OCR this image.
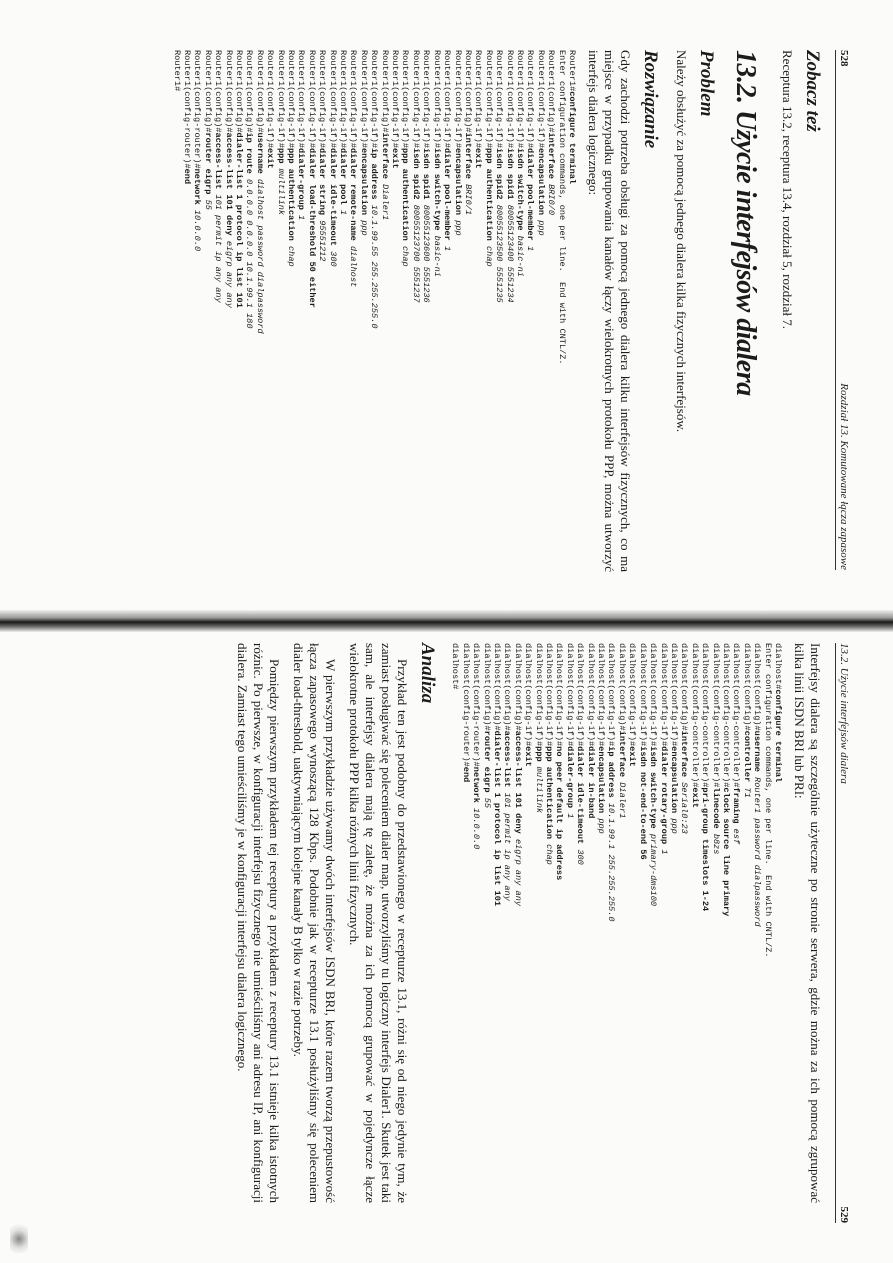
528
Rozdział 13. Komutowane łącza zapasowe
Zobacz też

Receptura 13.2, receptura 13.4, rozdział 5, rozdział 7.

13.2. Użycie interfejsów dialera
Problem

Należy obsłużyć za pomocą jednego dialera kilka fizycznych interfejsów.

Rozwiązanie

Gdy zachodzi potrzeba obsługi za pomocą jednego dialera kilku interfejsów fizycznych, co ma miejsce w przypadku grupowania kanałów łączy wielokrotnych protokołu PPP, można utworzyć interfejs dialera logicznego:

Router1#configure terminal
Enter configuration commands, one per line.  End with CNTL/Z.
Router1(config)#interface BRI0/0
Router1(config-if)#encapsulation ppp
Router1(config-if)#dialer pool-member 1
Router1(config-if)#isdn switch-type basic-ni
Router1(config-if)#isdn spid1 80055123400 5551234
Router1(config-if)#isdn spid2 80055123500 5551235
Router1(config-if)#ppp authentication chap
Router1(config-if)#exit
Router1(config)#interface BRI0/1
Router1(config-if)#encapsulation ppp
Router1(config-if)#dialer pool-member 1
Router1(config-if)#isdn switch-type basic-ni
Router1(config-if)#isdn spid1 80055123600 5551236
Router1(config-if)#isdn spid2 80055123700 5551237
Router1(config-if)#ppp authentication chap
Router1(config-if)#exit
Router1(config)#interface Dialer1
Router1(config-if)#ip address 10.1.99.55 255.255.255.0
Router1(config-if)#encapsulation ppp
Router1(config-if)#dialer remote-name dialhost
Router1(config-if)#dialer pool 1
Router1(config-if)#dialer idle-timeout 300
Router1(config-if)#dialer string 95551212
Router1(config-if)#dialer load-threshold 50 either
Router1(config-if)#dialer-group 1
Router1(config-if)#ppp authentication chap
Router1(config-if)#ppp multilink
Router1(config-if)#exit
Router1(config)#username dialhost password dialpassword
Router1(config)#ip route 0.0.0.0 0.0.0.0 10.1.99.1 180
Router1(config)#dialer-list 1 protocol ip list 101
Router1(config)#access-list 101 deny eigrp any any
Router1(config)#access-list 101 permit ip any any
Router1(config)#router eigrp 55
Router1(config-router)#network 10.0.0.0
Router1(config-router)#end
Router1#
13.2. Użycie interfejsów dialera
529

Interfejsy dialera są szczególnie użyteczne po stronie serwera, gdzie można za ich pomocą zgrupować kilka linii ISDN BRI lub PRI:

dialhost#configure terminal
Enter configuration commands, one per line.  End with CNTL/Z.
dialhost(config)#username Router1 password dialpassword
dialhost(config)#controller T1
dialhost(config-controller)#framing esf
dialhost(config-controller)#clock source line primary
dialhost(config-controller)#linecode b8zs
dialhost(config-controller)#pri-group timeslots 1-24
dialhost(config-controller)#exit
dialhost(config)#interface Serial0:23
dialhost(config-if)#encapsulation ppp
dialhost(config-if)#dialer rotary-group 1
dialhost(config-if)#isdn switch-type primary-dms100
dialhost(config-if)#isdn not-end-to-end 56
dialhost(config-if)#exit
dialhost(config)#interface Dialer1
dialhost(config-if)#ip address 10.1.99.1 255.255.255.0
dialhost(config-if)#encapsulation ppp
dialhost(config-if)#dialer in-band
dialhost(config-if)#dialer idle-timeout 300
dialhost(config-if)#dialer-group 1
dialhost(config-if)#no peer default ip address
dialhost(config-if)#ppp authentication chap
dialhost(config-if)#ppp multilink
dialhost(config-if)#exit
dialhost(config)#access-list 101 deny eigrp any any
dialhost(config)#access-list 101 permit ip any any
dialhost(config)#dialer-list 1 protocol ip list 101
dialhost(config)#router eigrp 55
dialhost(config-router)#network 10.0.0.0
dialhost(config-router)#end
dialhost#
Analiza

Przykład ten jest podobny do przedstawionego w recepturze 13.1, różni się od niego jedynie tym, że zamiast posługiwać się poleceniem dialer map, utworzyliśmy tu logiczny interfejs Dialer1. Skutek jest taki sam, ale interfejsy dialera mają tę zaletę, że można za ich pomocą grupować w pojedyncze łącze wielokrotne protokołu PPP kilka różnych linii fizycznych.

W pierwszym przykładzie używamy dwóch interfejsów ISDN BRI, które razem tworzą przepustowość łącza zapasowego wynoszącą 128 Kbps. Podobnie jak w recepturze 13.1 posłużyliśmy się poleceniem dialer load-threshold, uaktywniającym kolejne kanały B tylko w razie potrzeby.

Pomiędzy pierwszym przykładem tej receptury a przykładem z receptury 13.1 istnieje kilka istotnych różnic. Po pierwsze, w konfiguracji interfejsu fizycznego nie umieściliśmy ani adresu IP, ani konfiguracji dialera. Zamiast tego umieściliśmy je w konfiguracji interfejsu dialera logicznego.
